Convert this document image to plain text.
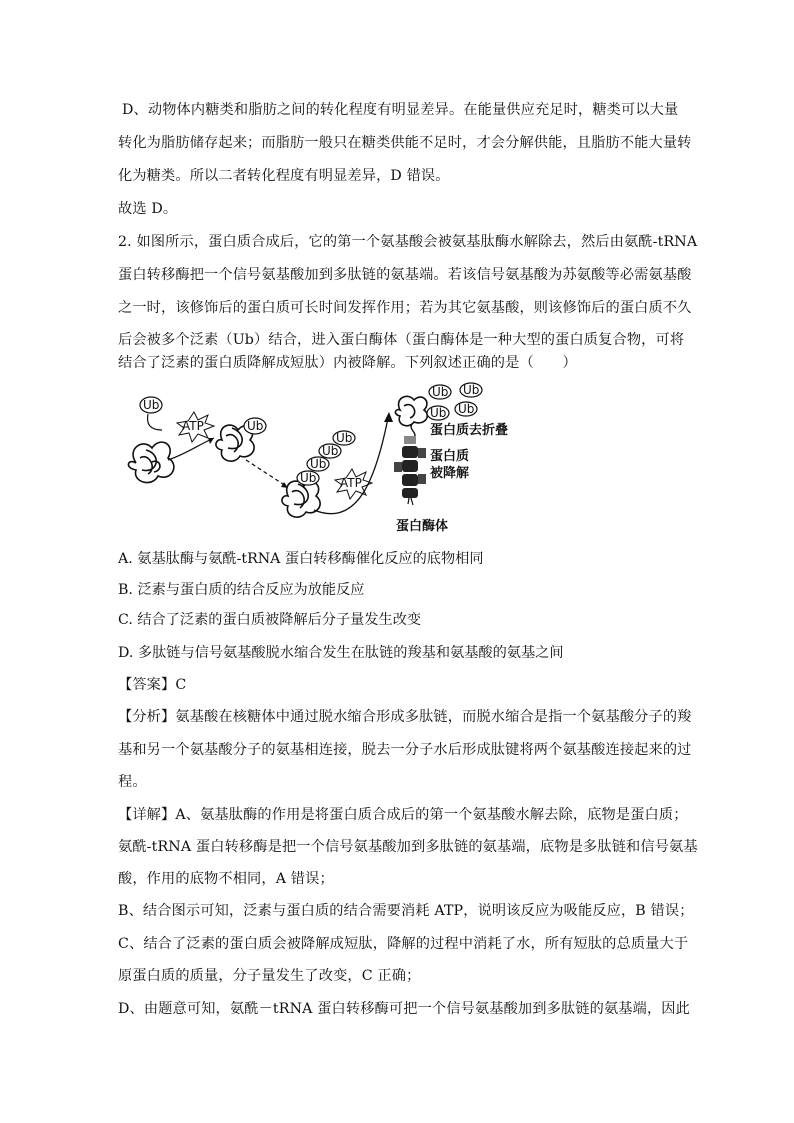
D、动物体内糖类和脂肪之间的转化程度有明显差异。在能量供应充足时，糖类可以大量
转化为脂肪储存起来；而脂肪一般只在糖类供能不足时，才会分解供能，且脂肪不能大量转
化为糖类。所以二者转化程度有明显差异，D 错误。
故选 D。
2. 如图所示，蛋白质合成后，它的第一个氨基酸会被氨基肽酶水解除去，然后由氨酰-tRNA
蛋白转移酶把一个信号氨基酸加到多肽链的氨基端。若该信号氨基酸为苏氨酸等必需氨基酸
之一时，该修饰后的蛋白质可长时间发挥作用；若为其它氨基酸，则该修饰后的蛋白质不久
后会被多个泛素（Ub）结合，进入蛋白酶体（蛋白酶体是一种大型的蛋白质复合物，可将
结合了泛素的蛋白质降解成短肽）内被降解。下列叙述正确的是（　　）
Ub
ATP	Ub
Ub
Ub
Ub
Ub
ATP
Ub Ub
Ub Ub
蛋白质去折叠
蛋白质
被降解
蛋白酶体
A. 氨基肽酶与氨酰-tRNA 蛋白转移酶催化反应的底物相同
B. 泛素与蛋白质的结合反应为放能反应
C. 结合了泛素的蛋白质被降解后分子量发生改变
D. 多肽链与信号氨基酸脱水缩合发生在肽链的羧基和氨基酸的氨基之间
【答案】C
【分析】氨基酸在核糖体中通过脱水缩合形成多肽链，而脱水缩合是指一个氨基酸分子的羧
基和另一个氨基酸分子的氨基相连接，脱去一分子水后形成肽键将两个氨基酸连接起来的过
程。
【详解】A、氨基肽酶的作用是将蛋白质合成后的第一个氨基酸水解去除，底物是蛋白质；
氨酰-tRNA 蛋白转移酶是把一个信号氨基酸加到多肽链的氨基端，底物是多肽链和信号氨基
酸，作用的底物不相同，A 错误；
B、结合图示可知，泛素与蛋白质的结合需要消耗 ATP，说明该反应为吸能反应，B 错误；
C、结合了泛素的蛋白质会被降解成短肽，降解的过程中消耗了水，所有短肽的总质量大于
原蛋白质的质量，分子量发生了改变，C 正确；
D、由题意可知，氨酰－tRNA 蛋白转移酶可把一个信号氨基酸加到多肽链的氨基端，因此
